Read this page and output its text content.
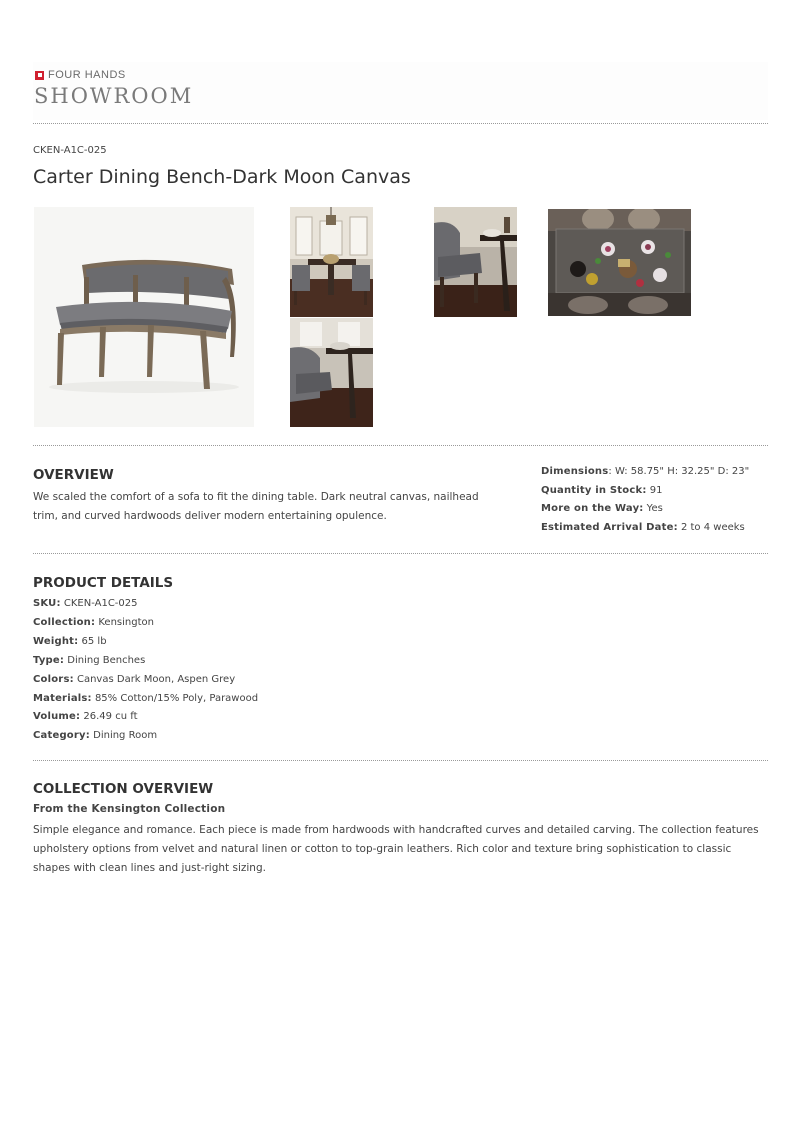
FOUR HANDS
SHOWROOM
CKEN-A1C-025
Carter Dining Bench-Dark Moon Canvas
OVERVIEW

We scaled the comfort of a sofa to fit the dining table. Dark neutral canvas, nailhead trim, and curved hardwoods deliver modern entertaining opulence.

Dimensions: W: 58.75" H: 32.25" D: 23"
Quantity in Stock: 91
More on the Way: Yes
Estimated Arrival Date: 2 to 4 weeks
PRODUCT DETAILS
SKU: CKEN-A1C-025
Collection: Kensington
Weight: 65 lb
Type: Dining Benches
Colors: Canvas Dark Moon, Aspen Grey
Materials: 85% Cotton/15% Poly, Parawood
Volume: 26.49 cu ft
Category: Dining Room
COLLECTION OVERVIEW
From the Kensington Collection

Simple elegance and romance. Each piece is made from hardwoods with handcrafted curves and detailed carving. The collection features upholstery options from velvet and natural linen or cotton to top-grain leathers. Rich color and texture bring sophistication to classic shapes with clean lines and just-right sizing.
